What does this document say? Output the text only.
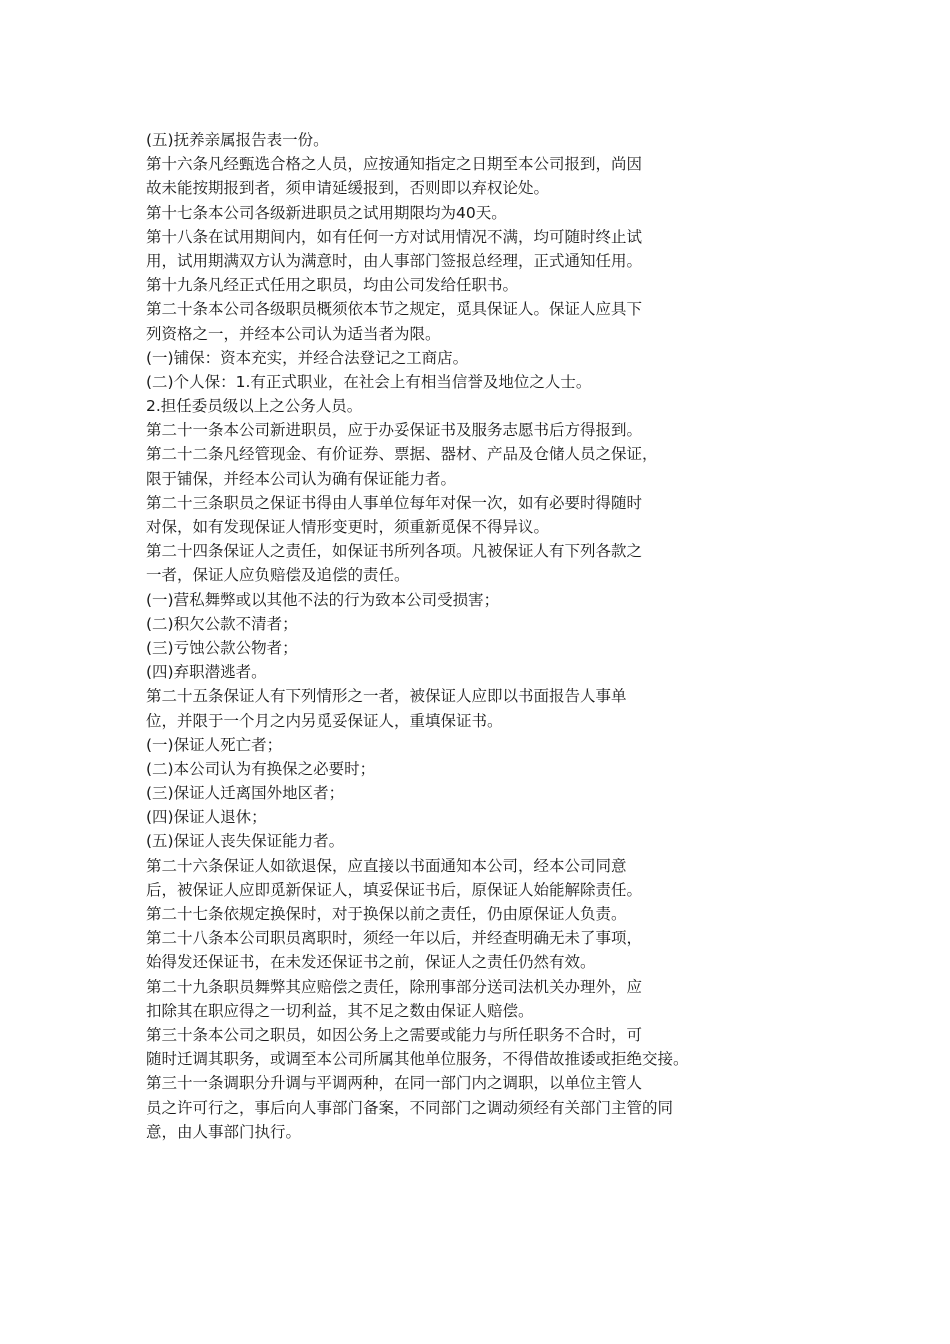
(五)抚养亲属报告表一份。
第十六条凡经甄选合格之人员，应按通知指定之日期至本公司报到，尚因
故未能按期报到者，须申请延缓报到，否则即以弃权论处。
第十七条本公司各级新进职员之试用期限均为40天。
第十八条在试用期间内，如有任何一方对试用情况不满，均可随时终止试
用，试用期满双方认为满意时，由人事部门签报总经理，正式通知任用。
第十九条凡经正式任用之职员，均由公司发给任职书。
第二十条本公司各级职员概须依本节之规定，觅具保证人。保证人应具下
列资格之一，并经本公司认为适当者为限。
(一)铺保：资本充实，并经合法登记之工商店。
(二)个人保：1.有正式职业，在社会上有相当信誉及地位之人士。
2.担任委员级以上之公务人员。
第二十一条本公司新进职员，应于办妥保证书及服务志愿书后方得报到。
第二十二条凡经管现金、有价证券、票据、器材、产品及仓储人员之保证，
限于铺保，并经本公司认为确有保证能力者。
第二十三条职员之保证书得由人事单位每年对保一次，如有必要时得随时
对保，如有发现保证人情形变更时，须重新觅保不得异议。
第二十四条保证人之责任，如保证书所列各项。凡被保证人有下列各款之
一者，保证人应负赔偿及追偿的责任。
(一)营私舞弊或以其他不法的行为致本公司受损害；
(二)积欠公款不清者；
(三)亏蚀公款公物者；
(四)弃职潜逃者。
第二十五条保证人有下列情形之一者，被保证人应即以书面报告人事单
位，并限于一个月之内另觅妥保证人，重填保证书。
(一)保证人死亡者；
(二)本公司认为有换保之必要时；
(三)保证人迁离国外地区者；
(四)保证人退休；
(五)保证人丧失保证能力者。
第二十六条保证人如欲退保，应直接以书面通知本公司，经本公司同意
后，被保证人应即觅新保证人，填妥保证书后，原保证人始能解除责任。
第二十七条依规定换保时，对于换保以前之责任，仍由原保证人负责。
第二十八条本公司职员离职时，须经一年以后，并经查明确无未了事项，
始得发还保证书，在未发还保证书之前，保证人之责任仍然有效。
第二十九条职员舞弊其应赔偿之责任，除刑事部分送司法机关办理外，应
扣除其在职应得之一切利益，其不足之数由保证人赔偿。
第三十条本公司之职员，如因公务上之需要或能力与所任职务不合时，可
随时迁调其职务，或调至本公司所属其他单位服务，不得借故推诿或拒绝交接。
第三十一条调职分升调与平调两种，在同一部门内之调职，以单位主管人
员之许可行之，事后向人事部门备案，不同部门之调动须经有关部门主管的同
意，由人事部门执行。
